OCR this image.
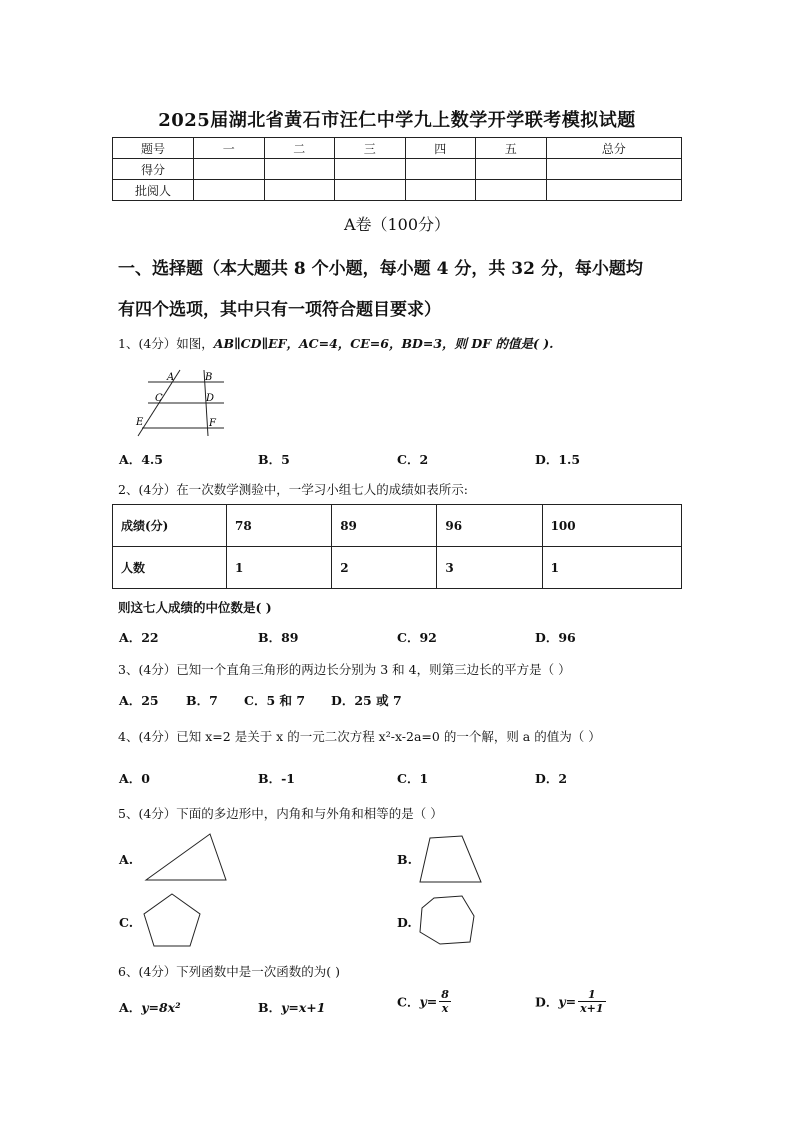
2025届湖北省黄石市汪仁中学九上数学开学联考模拟试题
题号	一	二	三	四	五	总分
得分						
批阅人						
A卷（100分）
一、选择题（本大题共 8 个小题，每小题 4 分，共 32 分，每小题均
有四个选项，其中只有一项符合题目要求）
1、(4分）如图，AB∥CD∥EF，AC=4，CE=6，BD=3，则 DF 的值是( ).
A	B
C	D
E	F
A．4.5	B．5	C．2	D．1.5
2、(4分）在一次数学测验中，一学习小组七人的成绩如表所示:
成绩(分)	78	89	96	100
人数	1	2	3	1
则这七人成绩的中位数是( )
A．22	B．89	C．92	D．96
3、(4分）已知一个直角三角形的两边长分别为 3 和 4，则第三边长的平方是（ ）
A．25 B．7 C．5 和 7 D．25 或 7
4、(4分）已知 x=2 是关于 x 的一元二次方程 x²-x-2a=0 的一个解，则 a 的值为（ ）
A．0	B．-1	C．1	D．2
5、(4分）下面的多边形中，内角和与外角和相等的是（ ）
A.	B.
C.	D.
6、(4分）下列函数中是一次函数的为( )
A．y=8x²	B．y=x+1	C．$y= \frac{8}{x}$	D．$y= \frac{1}{x+1}$
